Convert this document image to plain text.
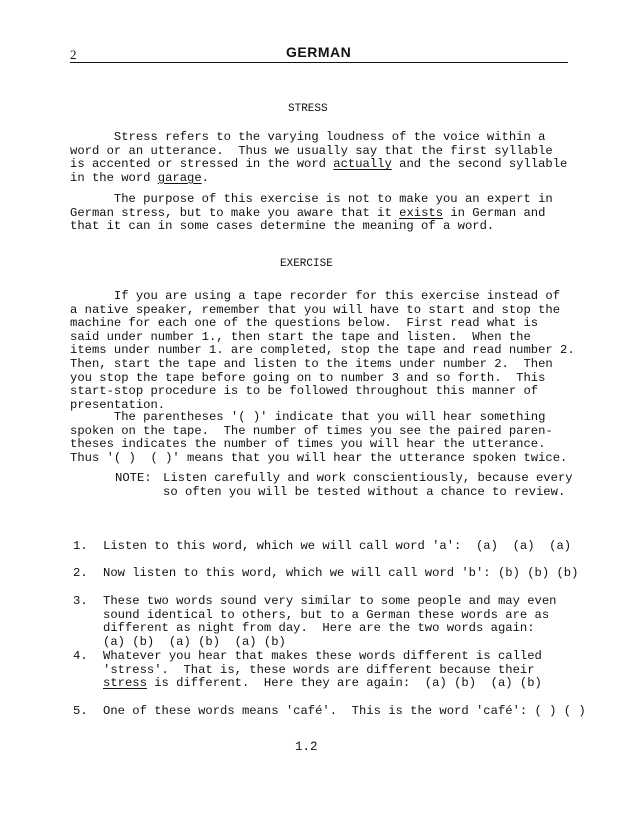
2	GERMAN
STRESS
Stress refers to the varying loudness of the voice within a
word or an utterance.  Thus we usually say that the first syllable
is accented or stressed in the word actually and the second syllable
in the word garage.
The purpose of this exercise is not to make you an expert in
German stress, but to make you aware that it exists in German and
that it can in some cases determine the meaning of a word.
EXERCISE
If you are using a tape recorder for this exercise instead of
a native speaker, remember that you will have to start and stop the
machine for each one of the questions below.  First read what is
said under number 1., then start the tape and listen.  When the
items under number 1. are completed, stop the tape and read number 2.
Then, start the tape and listen to the items under number 2.  Then
you stop the tape before going on to number 3 and so forth.  This
start-stop procedure is to be followed throughout this manner of
presentation.
The parentheses '( )' indicate that you will hear something
spoken on the tape.  The number of times you see the paired paren-
theses indicates the number of times you will hear the utterance.
Thus '( )  ( )' means that you will hear the utterance spoken twice.
NOTE: Listen carefully and work conscientiously, because every
so often you will be tested without a chance to review.
1. Listen to this word, which we will call word 'a':  (a)  (a)  (a)
2. Now listen to this word, which we will call word 'b': (b) (b) (b)
3. These two words sound very similar to some people and may even
sound identical to others, but to a German these words are as
different as night from day.  Here are the two words again:
(a) (b)  (a) (b)  (a) (b)
4. Whatever you hear that makes these words different is called
'stress'.  That is, these words are different because their
stress is different.  Here they are again:  (a) (b)  (a) (b)
5. One of these words means 'café'.  This is the word 'café': ( ) ( )
1.2
